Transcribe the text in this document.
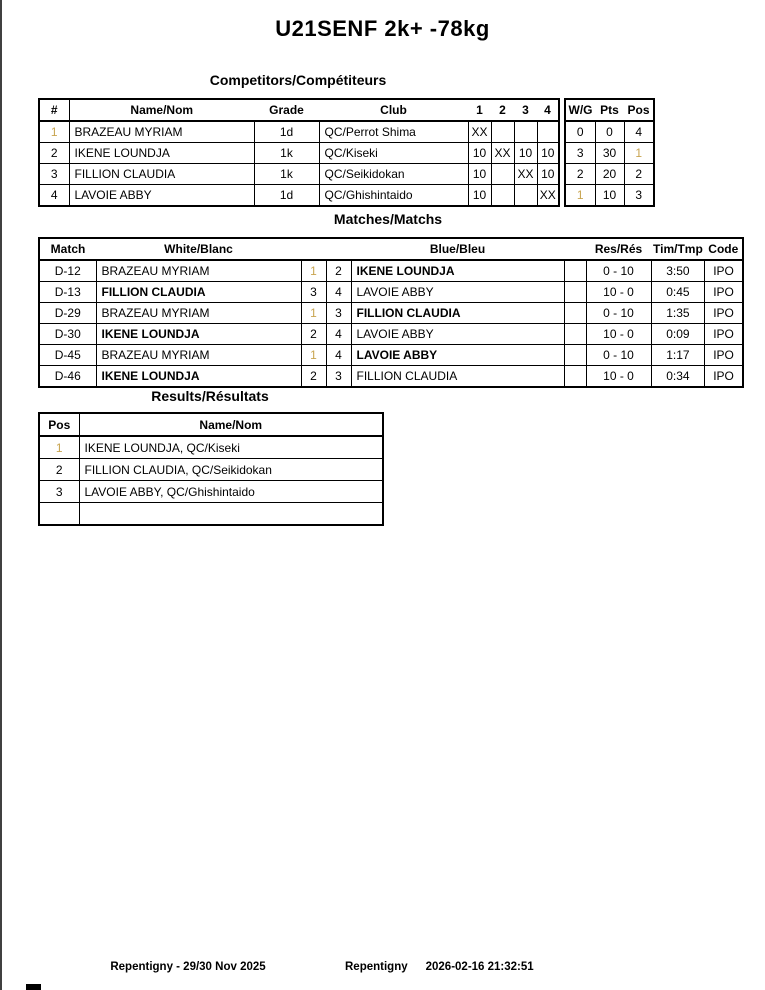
U21SENF 2k+ -78kg
Competitors/Compétiteurs
#	Name/Nom	Grade	Club	1	2	3	4
1	BRAZEAU MYRIAM	1d	QC/Perrot Shima	XX			
2	IKENE LOUNDJA	1k	QC/Kiseki	10	XX	10	10
3	FILLION CLAUDIA	1k	QC/Seikidokan	10		XX	10
4	LAVOIE ABBY	1d	QC/Ghishintaido	10			XX
W/G	Pts	Pos
0	0	4
3	30	1
2	20	2
1	10	3
Matches/Matchs
Match	White/Blanc			Blue/Bleu		Res/Rés	Tim/Tmp	Code
D-12	BRAZEAU MYRIAM	1	2	IKENE LOUNDJA		0 - 10	3:50	IPO
D-13	FILLION CLAUDIA	3	4	LAVOIE ABBY		10 - 0	0:45	IPO
D-29	BRAZEAU MYRIAM	1	3	FILLION CLAUDIA		0 - 10	1:35	IPO
D-30	IKENE LOUNDJA	2	4	LAVOIE ABBY		10 - 0	0:09	IPO
D-45	BRAZEAU MYRIAM	1	4	LAVOIE ABBY		0 - 10	1:17	IPO
D-46	IKENE LOUNDJA	2	3	FILLION CLAUDIA		10 - 0	0:34	IPO
Results/Résultats
Pos	Name/Nom
1	IKENE LOUNDJA, QC/Kiseki
2	FILLION CLAUDIA, QC/Seikidokan
3	LAVOIE ABBY, QC/Ghishintaido

Repentigny - 29/30 Nov 2025	Repentigny 2026-02-16 21:32:51
